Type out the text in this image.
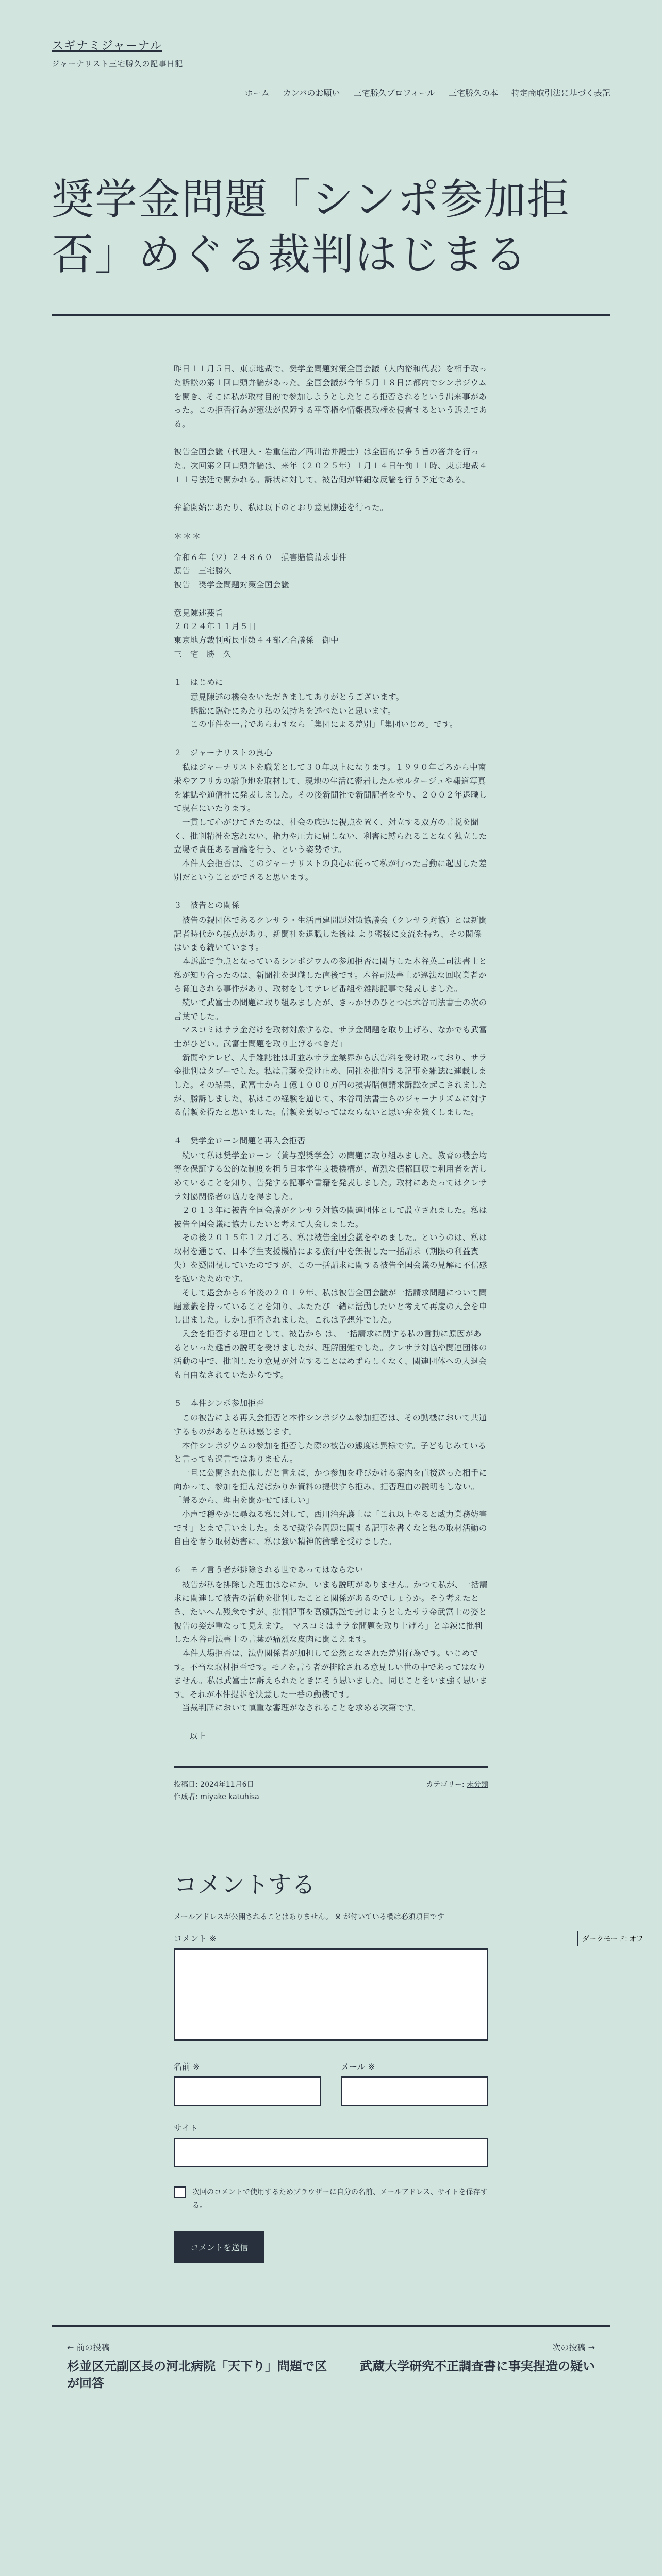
スギナミジャーナル
ジャーナリスト三宅勝久の記事日記
ホーム カンパのお願い 三宅勝久プロフィール 三宅勝久の本 特定商取引法に基づく表記
奨学金問題「シンポ参加拒否」めぐる裁判はじまる

昨日１１月５日、東京地裁で、奨学金問題対策全国会議（大内裕和代表）を相手取った訴訟の第１回口頭弁論があった。全国会議が今年５月１８日に都内でシンポジウムを開き、そこに私が取材目的で参加しようとしたところ拒否されるという出来事があった。この拒否行為が憲法が保障する平等権や情報摂取権を侵害するという訴えである。

被告全国会議（代理人・岩重佳治／西川治弁護士）は全面的に争う旨の答弁を行った。次回第２回口頭弁論は、来年（２０２５年）１月１４日午前１１時、東京地裁４１１号法廷で開かれる。訴状に対して、被告側が詳細な反論を行う予定である。

弁論開始にあたり、私は以下のとおり意見陳述を行った。

＊＊＊
令和６年（ワ）２４８６０　損害賠償請求事件
原告　三宅勝久
被告　奨学金問題対策全国会議
意見陳述要旨
２０２４年１１月５日
東京地方裁判所民事第４４部乙合議係　御中
三　宅　勝　久
１　はじめに
　　意見陳述の機会をいただきましてありがとうございます。
　　訴訟に臨むにあたり私の気持ちを述べたいと思います。
　　この事件を一言であらわすなら「集団による差別」「集団いじめ」です。
２　ジャーナリストの良心
　私はジャーナリストを職業として３０年以上になります。１９９０年ごろから中南米やアフリカの紛争地を取材して、現地の生活に密着したルポルタージュや報道写真を雑誌や通信社に発表しました。その後新聞社で新聞記者をやり、２００２年退職して現在にいたります。
　一貫して心がけてきたのは、社会の底辺に視点を置く、対立する双方の言説を聞く、批判精神を忘れない、権力や圧力に屈しない、利害に縛られることなく独立した立場で責任ある言論を行う、という姿勢です。
　本件入会拒否は、このジャーナリストの良心に従って私が行った言動に起因した差別だということができると思います。
３　被告との関係
　被告の親団体であるクレサラ・生活再建問題対策協議会（クレサラ対協）とは新聞記者時代から接点があり、新聞社を退職した後は より密接に交流を持ち、その関係はいまも続いています。
　本訴訟で争点となっているシンポジウムの参加拒否に関与した木谷英二司法書士と私が知り合ったのは、新聞社を退職した直後です。木谷司法書士が違法な回収業者から脅迫される事件があり、取材をしてテレビ番組や雑誌記事で発表しました。
　続いて武富士の問題に取り組みましたが、きっかけのひとつは木谷司法書士の次の言葉でした。
「マスコミはサラ金だけを取材対象するな。サラ金問題を取り上げろ、なかでも武富士がひどい。武富士問題を取り上げるべきだ」
　新聞やテレビ、大手雑誌社は軒並みサラ金業界から広告料を受け取っており、サラ金批判はタブーでした。私は言葉を受け止め、同社を批判する記事を雑誌に連載しました。その結果、武富士から１億１０００万円の損害賠償請求訴訟を起こされましたが、勝訴しました。私はこの経験を通じて、木谷司法書士らのジャーナリズムに対する信頼を得たと思いました。信頼を裏切ってはならないと思い弁を強くしました。
４　奨学金ローン問題と再入会拒否
　続いて私は奨学金ローン（貸与型奨学金）の問題に取り組みました。教育の機会均等を保証する公的な制度を担う日本学生支援機構が、苛烈な債権回収で利用者を苦しめていることを知り、告発する記事や書籍を発表しました。取材にあたってはクレサラ対協関係者の協力を得ました。
　２０１３年に被告全国会議がクレサラ対協の関連団体として設立されました。私は被告全国会議に協力したいと考えて入会しました。
　その後２０１５年１２月ごろ、私は被告全国会議をやめました。というのは、私は取材を通じて、日本学生支援機構による旅行中を無視した一括請求（期限の利益喪失）を疑問視していたのですが、この一括請求に関する被告全国会議の見解に不信感を抱いたためです。
　そして退会から６年後の２０１９年、私は被告全国会議が一括請求問題について問題意識を持っていることを知り、ふたたび一緒に活動したいと考えて再度の入会を申し出ました。しかし拒否されました。これは予想外でした。
　入会を拒否する理由として、被告から は、一括請求に関する私の言動に原因があるといった趣旨の説明を受けましたが、理解困難でした。クレサラ対協や関連団体の活動の中で、批判したり意見が対立することはめずらしくなく、関連団体への入退会も自由なされていたからです。
５　本件シンポ参加拒否
　この被告による再入会拒否と本件シンポジウム参加拒否は、その動機において共通するものがあると私は感じます。
　本件シンポジウムの参加を拒否した際の被告の態度は異様です。子どもじみていると言っても過言ではありません。
　一旦に公開された催しだと言えば、かつ参加を呼びかける案内を直接送った相手に向かって、参加を拒んだばかりか資料の提供すら拒み、拒否理由の説明もしない。
「帰るから、理由を聞かせてほしい」
　小声で穏やかに尋ねる私に対して、西川治弁護士は「これ以上やると威力業務妨害です」とまで言いました。まるで奨学金問題に関する記事を書くなと私の取材活動の自由を奪う取材妨害に、私は強い精神的衝撃を受けました。
６　モノ言う者が排除される世であってはならない
　被告が私を排除した理由はなにか。いまも説明がありません。かつて私が、一括請求に関連して被告の活動を批判したことと関係があるのでしょうか。そう考えたとき、たいへん残念ですが、批判記事を高額訴訟で封じようとしたサラ金武富士の姿と被告の姿が重なって見えます。「マスコミはサラ金問題を取り上げろ」と辛辣に批判した木谷司法書士の言葉が痛烈な皮肉に聞こえます。
　本件入場拒否は、法曹関係者が加担して公然となされた差別行為です。いじめです。不当な取材拒否です。モノを言う者が排除される意見しい世の中であってはなりません。私は武富士に訴えられたときにそう思いました。同じことをいま強く思います。それが本件提訴を決意した一番の動機です。
　当裁判所において慎重な審理がなされることを求める次第です。

以上

ダークモード: オフ
投稿日: 2024年11月6日
作成者: miyake katuhisa
カテゴリー: 未分類
コメントする
メールアドレスが公開されることはありません。 ※ が付いている欄は必須項目です
コメント ※
名前 ※	メール ※
サイト
次回のコメントで使用するためブラウザーに自分の名前、メールアドレス、サイトを保存する。
コメントを送信
← 前の投稿
杉並区元副区長の河北病院「天下り」問題で区が回答
次の投稿 →
武蔵大学研究不正調査書に事実捏造の疑い
